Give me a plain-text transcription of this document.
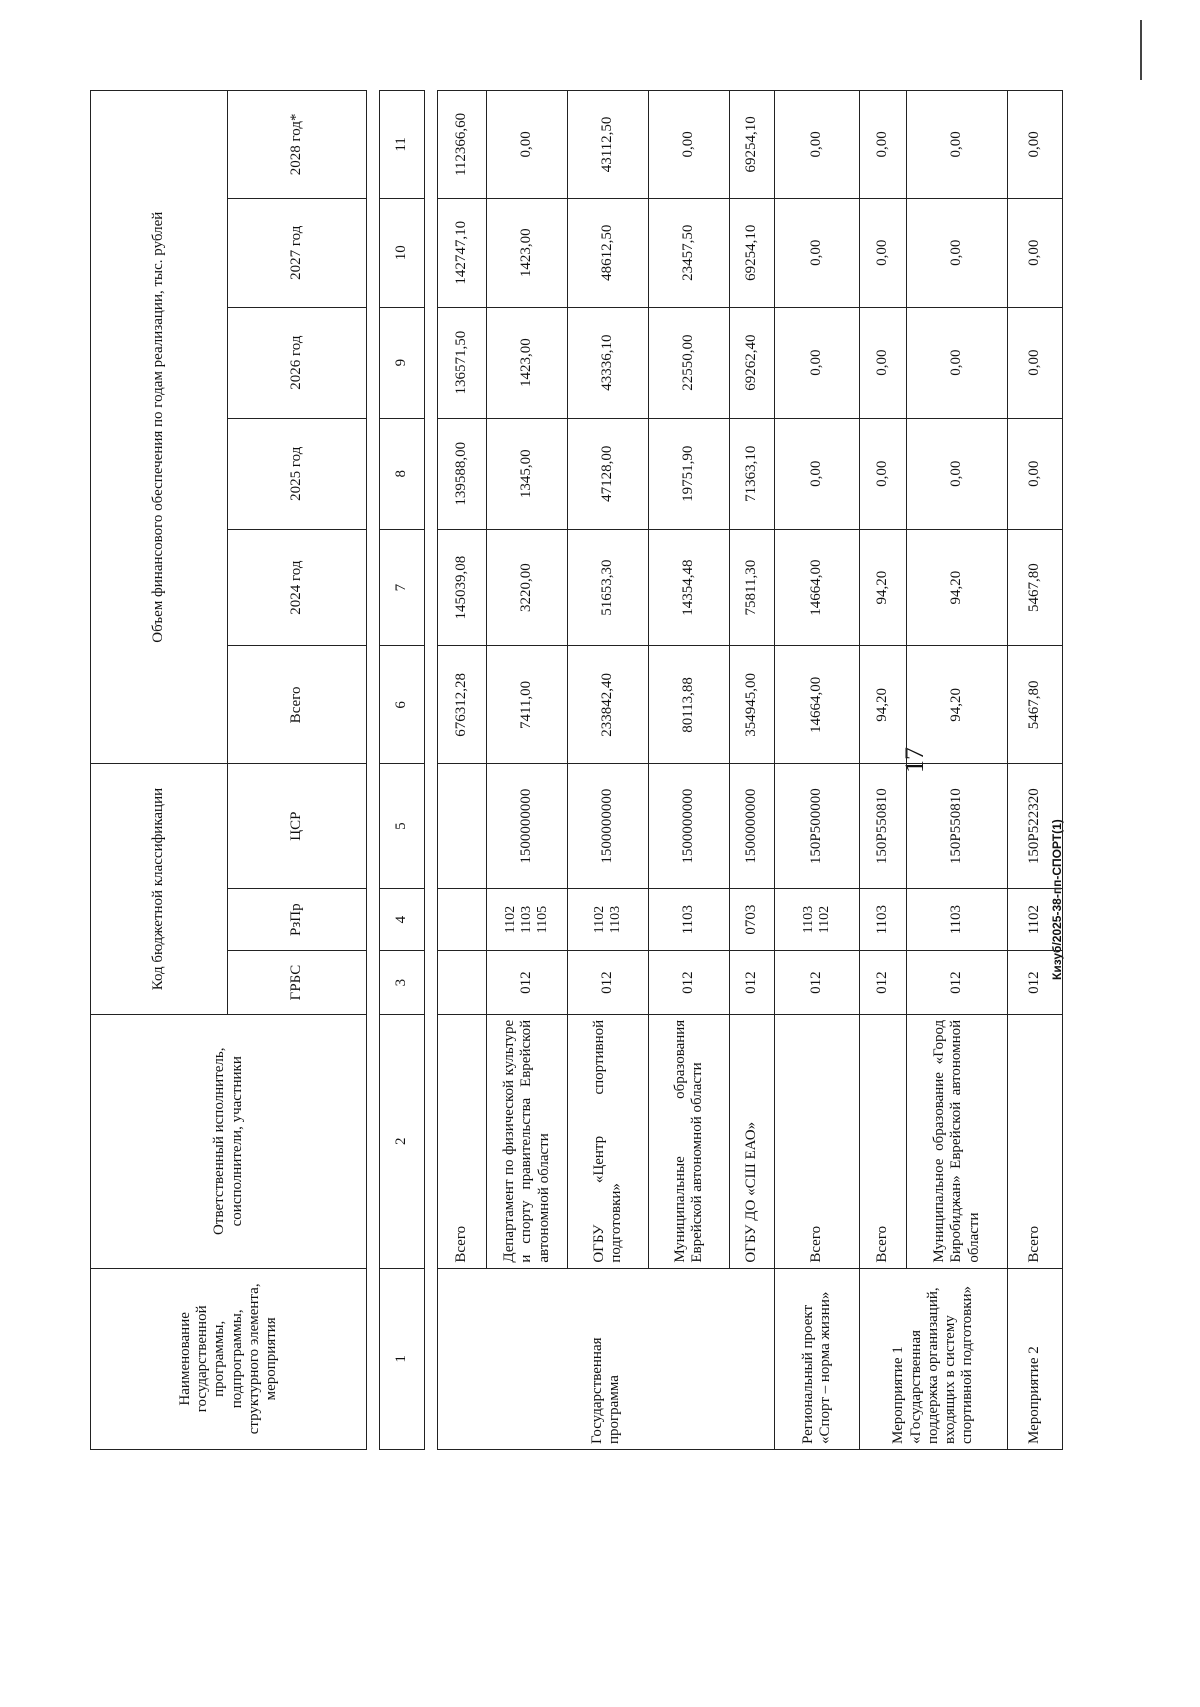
17
Кизуб/2025-38-пп-СПОРТ(1)
Наименование государственной программы, подпрограммы, структурного элемента, мероприятия	Ответственный исполнитель, соисполнители, участники	Код бюджетной классификации			Объем финансового обеспечения по годам реализации, тыс. рублей					
		ГРБС	РзПр	ЦСР	Всего	2024 год	2025 год	2026 год	2027 год	2028 год*

1	2	3	4	5	6	7	8	9	10	11

Государственная программа	Всего				676312,28	145039,08	139588,00	136571,50	142747,10	112366,60
	Департамент по физической культуре и спорту правительства Еврейской автономной области	012	1102
1103
1105	1500000000	7411,00	3220,00	1345,00	1423,00	1423,00	0,00
	ОГБУ «Центр спортивной подготовки»	012	1102
1103	1500000000	233842,40	51653,30	47128,00	43336,10	48612,50	43112,50
	Муниципальные образования Еврейской автономной области	012	1103	1500000000	80113,88	14354,48	19751,90	22550,00	23457,50	0,00
	ОГБУ ДО «СШ ЕАО»	012	0703	1500000000	354945,00	75811,30	71363,10	69262,40	69254,10	69254,10
Региональный проект «Спорт – норма жизни»	Всего	012	1103
1102	150Р500000	14664,00	14664,00	0,00	0,00	0,00	0,00
Мероприятие 1 «Государственная поддержка организаций, входящих в систему спортивной подготовки»	Всего	012	1103	150Р550810	94,20	94,20	0,00	0,00	0,00	0,00
	Муниципальное образование «Город Биробиджан» Еврейской автономной области	012	1103	150Р550810	94,20	94,20	0,00	0,00	0,00	0,00
Мероприятие 2	Всего	012	1102	150Р522320	5467,80	5467,80	0,00	0,00	0,00	0,00
